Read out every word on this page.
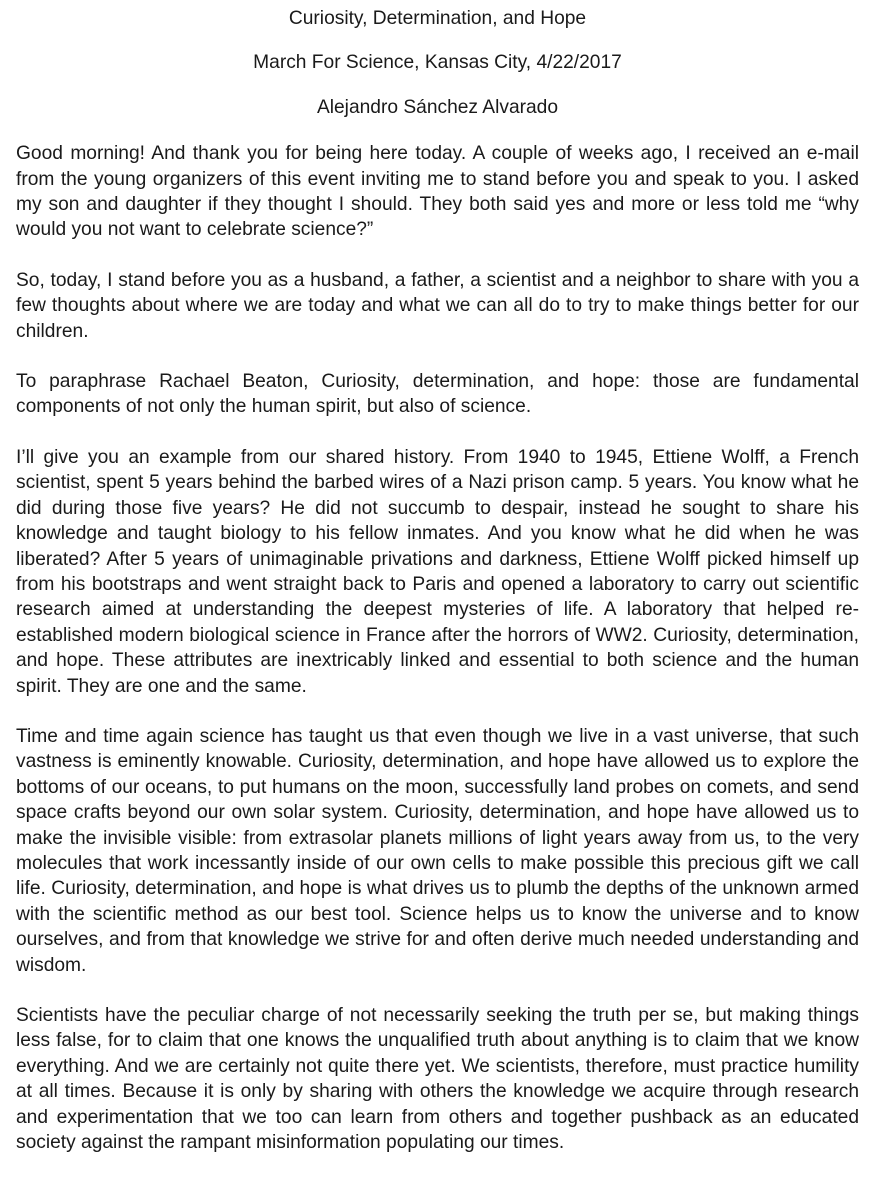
Curiosity, Determination, and Hope

March For Science, Kansas City, 4/22/2017

Alejandro Sánchez Alvarado

Good morning! And thank you for being here today. A couple of weeks ago, I received an e-mail from the young organizers of this event inviting me to stand before you and speak to you. I asked my son and daughter if they thought I should. They both said yes and more or less told me “why would you not want to celebrate science?”

So, today, I stand before you as a husband, a father, a scientist and a neighbor to share with you a few thoughts about where we are today and what we can all do to try to make things better for our children.

To paraphrase Rachael Beaton, Curiosity, determination, and hope: those are fundamental components of not only the human spirit, but also of science.

I’ll give you an example from our shared history. From 1940 to 1945, Ettiene Wolff, a French scientist, spent 5 years behind the barbed wires of a Nazi prison camp. 5 years. You know what he did during those five years? He did not succumb to despair, instead he sought to share his knowledge and taught biology to his fellow inmates. And you know what he did when he was liberated? After 5 years of unimaginable privations and darkness, Ettiene Wolff picked himself up from his bootstraps and went straight back to Paris and opened a laboratory to carry out scientific research aimed at understanding the deepest mysteries of life. A laboratory that helped re-established modern biological science in France after the horrors of WW2. Curiosity, determination, and hope. These attributes are inextricably linked and essential to both science and the human spirit. They are one and the same.

Time and time again science has taught us that even though we live in a vast universe, that such vastness is eminently knowable. Curiosity, determination, and hope have allowed us to explore the bottoms of our oceans, to put humans on the moon, successfully land probes on comets, and send space crafts beyond our own solar system. Curiosity, determination, and hope have allowed us to make the invisible visible: from extrasolar planets millions of light years away from us, to the very molecules that work incessantly inside of our own cells to make possible this precious gift we call life. Curiosity, determination, and hope is what drives us to plumb the depths of the unknown armed with the scientific method as our best tool. Science helps us to know the universe and to know ourselves, and from that knowledge we strive for and often derive much needed understanding and wisdom.

Scientists have the peculiar charge of not necessarily seeking the truth per se, but making things less false, for to claim that one knows the unqualified truth about anything is to claim that we know everything. And we are certainly not quite there yet. We scientists, therefore, must practice humility at all times. Because it is only by sharing with others the knowledge we acquire through research and experimentation that we too can learn from others and together pushback as an educated society against the rampant misinformation populating our times.
